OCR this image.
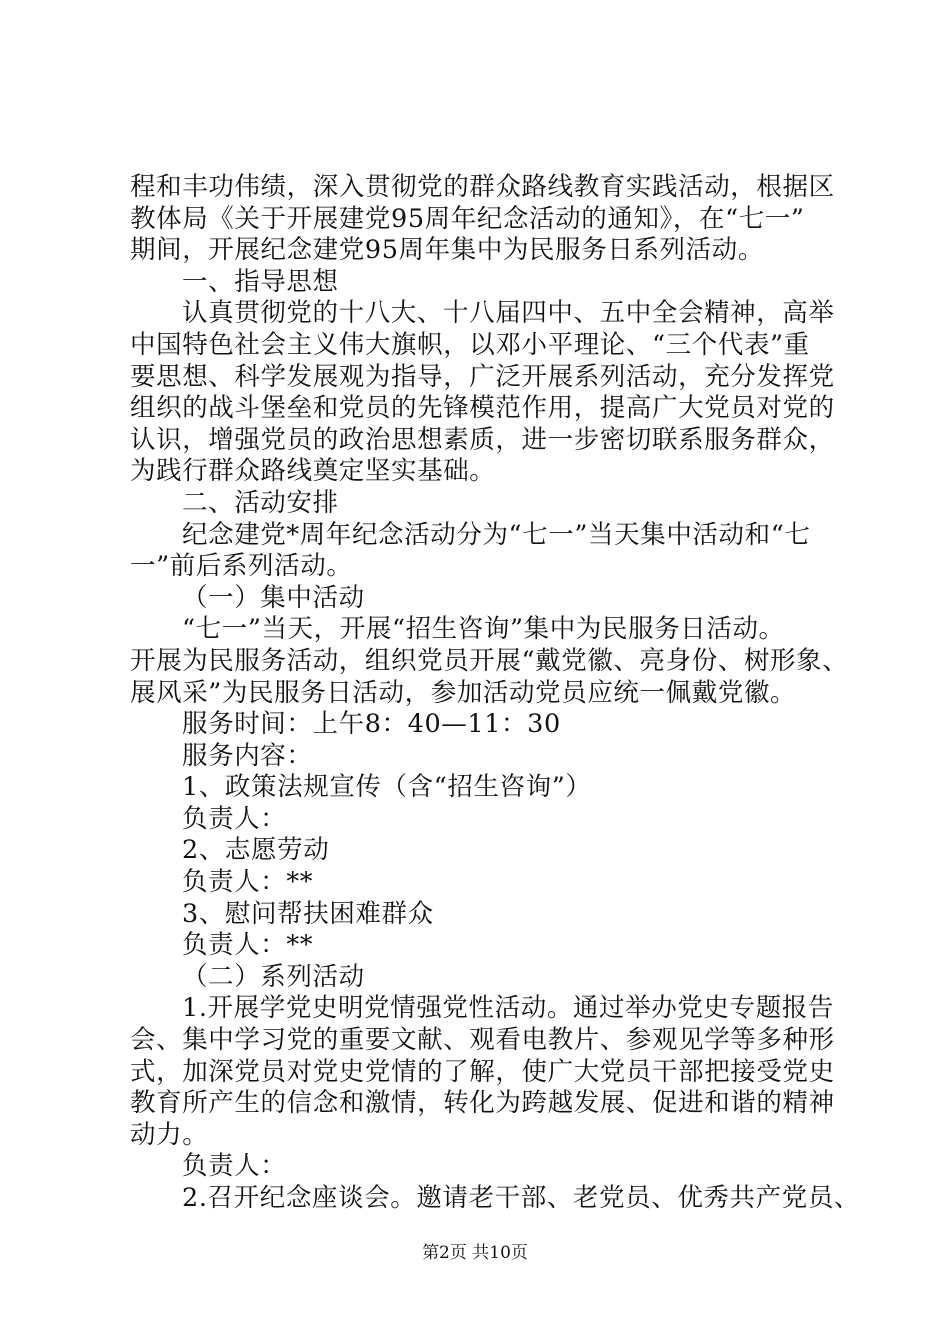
程和丰功伟绩，深入贯彻党的群众路线教育实践活动，根据区
教体局《关于开展建党95周年纪念活动的通知》，在“七一”
期间，开展纪念建党95周年集中为民服务日系列活动。
一、指导思想
认真贯彻党的十八大、十八届四中、五中全会精神，高举
中国特色社会主义伟大旗帜，以邓小平理论、“三个代表”重
要思想、科学发展观为指导，广泛开展系列活动，充分发挥党
组织的战斗堡垒和党员的先锋模范作用，提高广大党员对党的
认识，增强党员的政治思想素质，进一步密切联系服务群众，
为践行群众路线奠定坚实基础。
二、活动安排
纪念建党*周年纪念活动分为“七一”当天集中活动和“七
一”前后系列活动。
（一）集中活动
“七一”当天，开展“招生咨询”集中为民服务日活动。
开展为民服务活动，组织党员开展“戴党徽、亮身份、树形象、
展风采”为民服务日活动，参加活动党员应统一佩戴党徽。
服务时间：上午8：40—11：30
服务内容：
1、政策法规宣传（含“招生咨询”）
负责人：
2、志愿劳动
负责人：**
3、慰问帮扶困难群众
负责人：**
（二）系列活动
1.开展学党史明党情强党性活动。通过举办党史专题报告
会、集中学习党的重要文献、观看电教片、参观见学等多种形
式，加深党员对党史党情的了解，使广大党员干部把接受党史
教育所产生的信念和激情，转化为跨越发展、促进和谐的精神
动力。
负责人：
2.召开纪念座谈会。邀请老干部、老党员、优秀共产党员、
第2页 共10页
